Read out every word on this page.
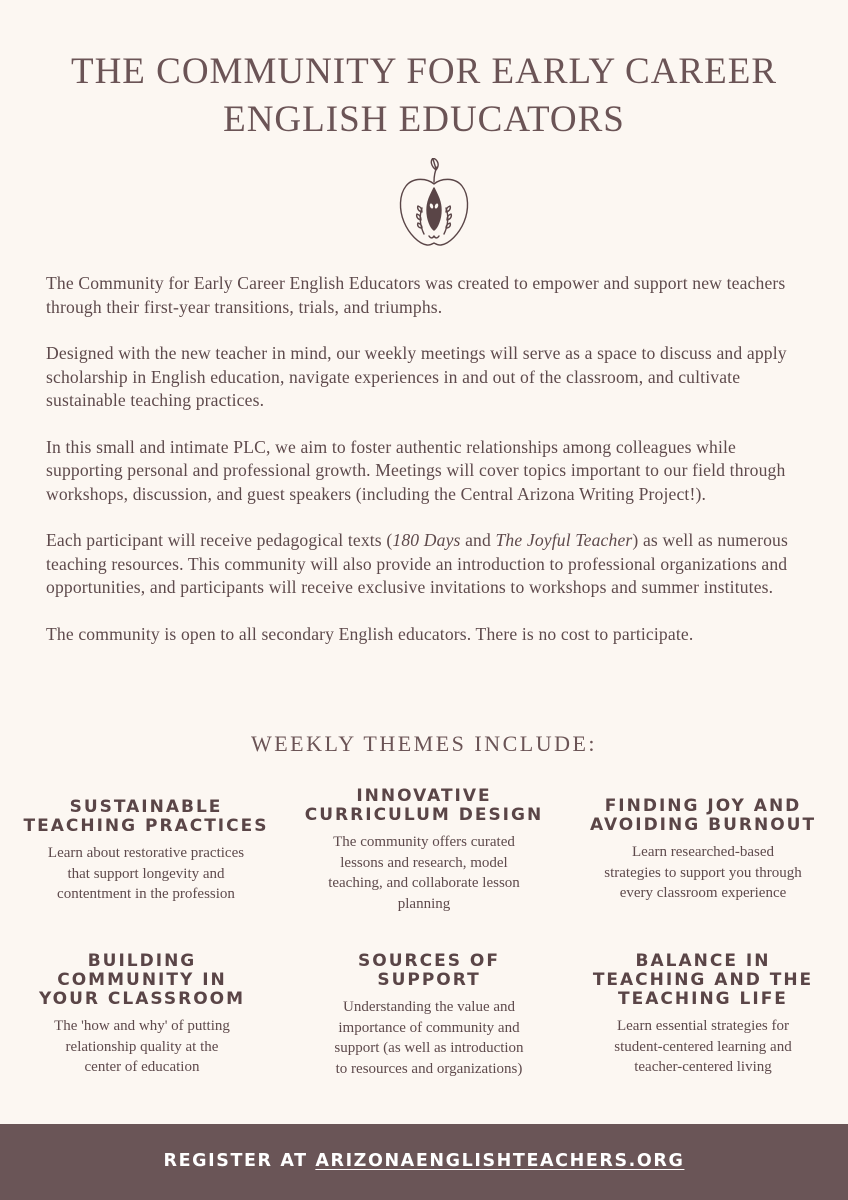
THE COMMUNITY FOR EARLY CAREER
ENGLISH EDUCATORS

The Community for Early Career English Educators was created to empower and support new teachers through their first-year transitions, trials, and triumphs.

Designed with the new teacher in mind, our weekly meetings will serve as a space to discuss and apply scholarship in English education, navigate experiences in and out of the classroom, and cultivate sustainable teaching practices.

In this small and intimate PLC, we aim to foster authentic relationships among colleagues while supporting personal and professional growth. Meetings will cover topics important to our field through workshops, discussion, and guest speakers (including the Central Arizona Writing Project!).

Each participant will receive pedagogical texts (180 Days and The Joyful Teacher) as well as numerous teaching resources. This community will also provide an introduction to professional organizations and opportunities, and participants will receive exclusive invitations to workshops and summer institutes.

The community is open to all secondary English educators. There is no cost to participate.

WEEKLY THEMES INCLUDE:
SUSTAINABLE
TEACHING PRACTICES

Learn about restorative practices
that support longevity and
contentment in the profession

INNOVATIVE
CURRICULUM DESIGN

The community offers curated
lessons and research, model
teaching, and collaborate lesson
planning

FINDING JOY AND
AVOIDING BURNOUT

Learn researched-based
strategies to support you through
every classroom experience

BUILDING
COMMUNITY IN
YOUR CLASSROOM

The 'how and why' of putting
relationship quality at the
center of education

SOURCES OF
SUPPORT

Understanding the value and
importance of community and
support (as well as introduction
to resources and organizations)

BALANCE IN
TEACHING AND THE
TEACHING LIFE

Learn essential strategies for
student-centered learning and
teacher-centered living

REGISTER AT ARIZONAENGLISHTEACHERS.ORG
